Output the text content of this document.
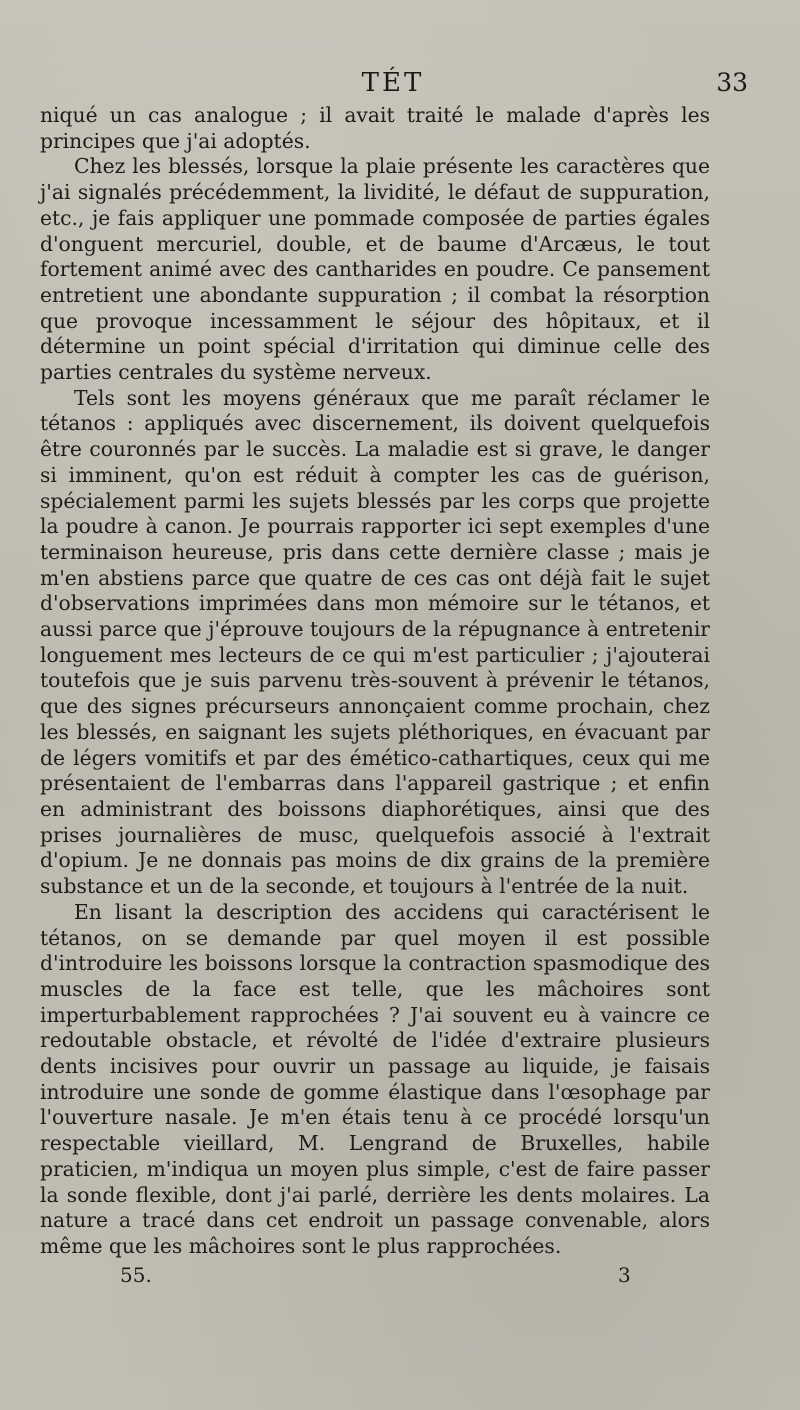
TÉT	33

niqué un cas analogue ; il avait traité le malade d'après les principes que j'ai adoptés.

Chez les blessés, lorsque la plaie présente les caractères que j'ai signalés précédemment, la lividité, le défaut de suppuration, etc., je fais appliquer une pommade composée de parties égales d'onguent mercuriel, double, et de baume d'Arcæus, le tout fortement animé avec des cantharides en poudre. Ce pansement entretient une abondante suppuration ; il combat la résorption que provoque incessamment le séjour des hôpitaux, et il détermine un point spécial d'irritation qui diminue celle des parties centrales du système nerveux.

Tels sont les moyens généraux que me paraît réclamer le tétanos : appliqués avec discernement, ils doivent quelquefois être couronnés par le succès. La maladie est si grave, le danger si imminent, qu'on est réduit à compter les cas de guérison, spécialement parmi les sujets blessés par les corps que projette la poudre à canon. Je pourrais rapporter ici sept exemples d'une terminaison heureuse, pris dans cette dernière classe ; mais je m'en abstiens parce que quatre de ces cas ont déjà fait le sujet d'observations imprimées dans mon mémoire sur le tétanos, et aussi parce que j'éprouve toujours de la répugnance à entretenir longuement mes lecteurs de ce qui m'est particulier ; j'ajouterai toutefois que je suis parvenu très-souvent à prévenir le tétanos, que des signes précurseurs annonçaient comme prochain, chez les blessés, en saignant les sujets pléthoriques, en évacuant par de légers vomitifs et par des émético-cathartiques, ceux qui me présentaient de l'embarras dans l'appareil gastrique ; et enfin en administrant des boissons diaphorétiques, ainsi que des prises journalières de musc, quelquefois associé à l'extrait d'opium. Je ne donnais pas moins de dix grains de la première substance et un de la seconde, et toujours à l'entrée de la nuit.

En lisant la description des accidens qui caractérisent le tétanos, on se demande par quel moyen il est possible d'introduire les boissons lorsque la contraction spasmodique des muscles de la face est telle, que les mâchoires sont imperturbablement rapprochées ? J'ai souvent eu à vaincre ce redoutable obstacle, et révolté de l'idée d'extraire plusieurs dents incisives pour ouvrir un passage au liquide, je faisais introduire une sonde de gomme élastique dans l'œsophage par l'ouverture nasale. Je m'en étais tenu à ce procédé lorsqu'un respectable vieillard, M. Lengrand de Bruxelles, habile praticien, m'indiqua un moyen plus simple, c'est de faire passer la sonde flexible, dont j'ai parlé, derrière les dents molaires. La nature a tracé dans cet endroit un passage convenable, alors même que les mâchoires sont le plus rapprochées.

55.	3
